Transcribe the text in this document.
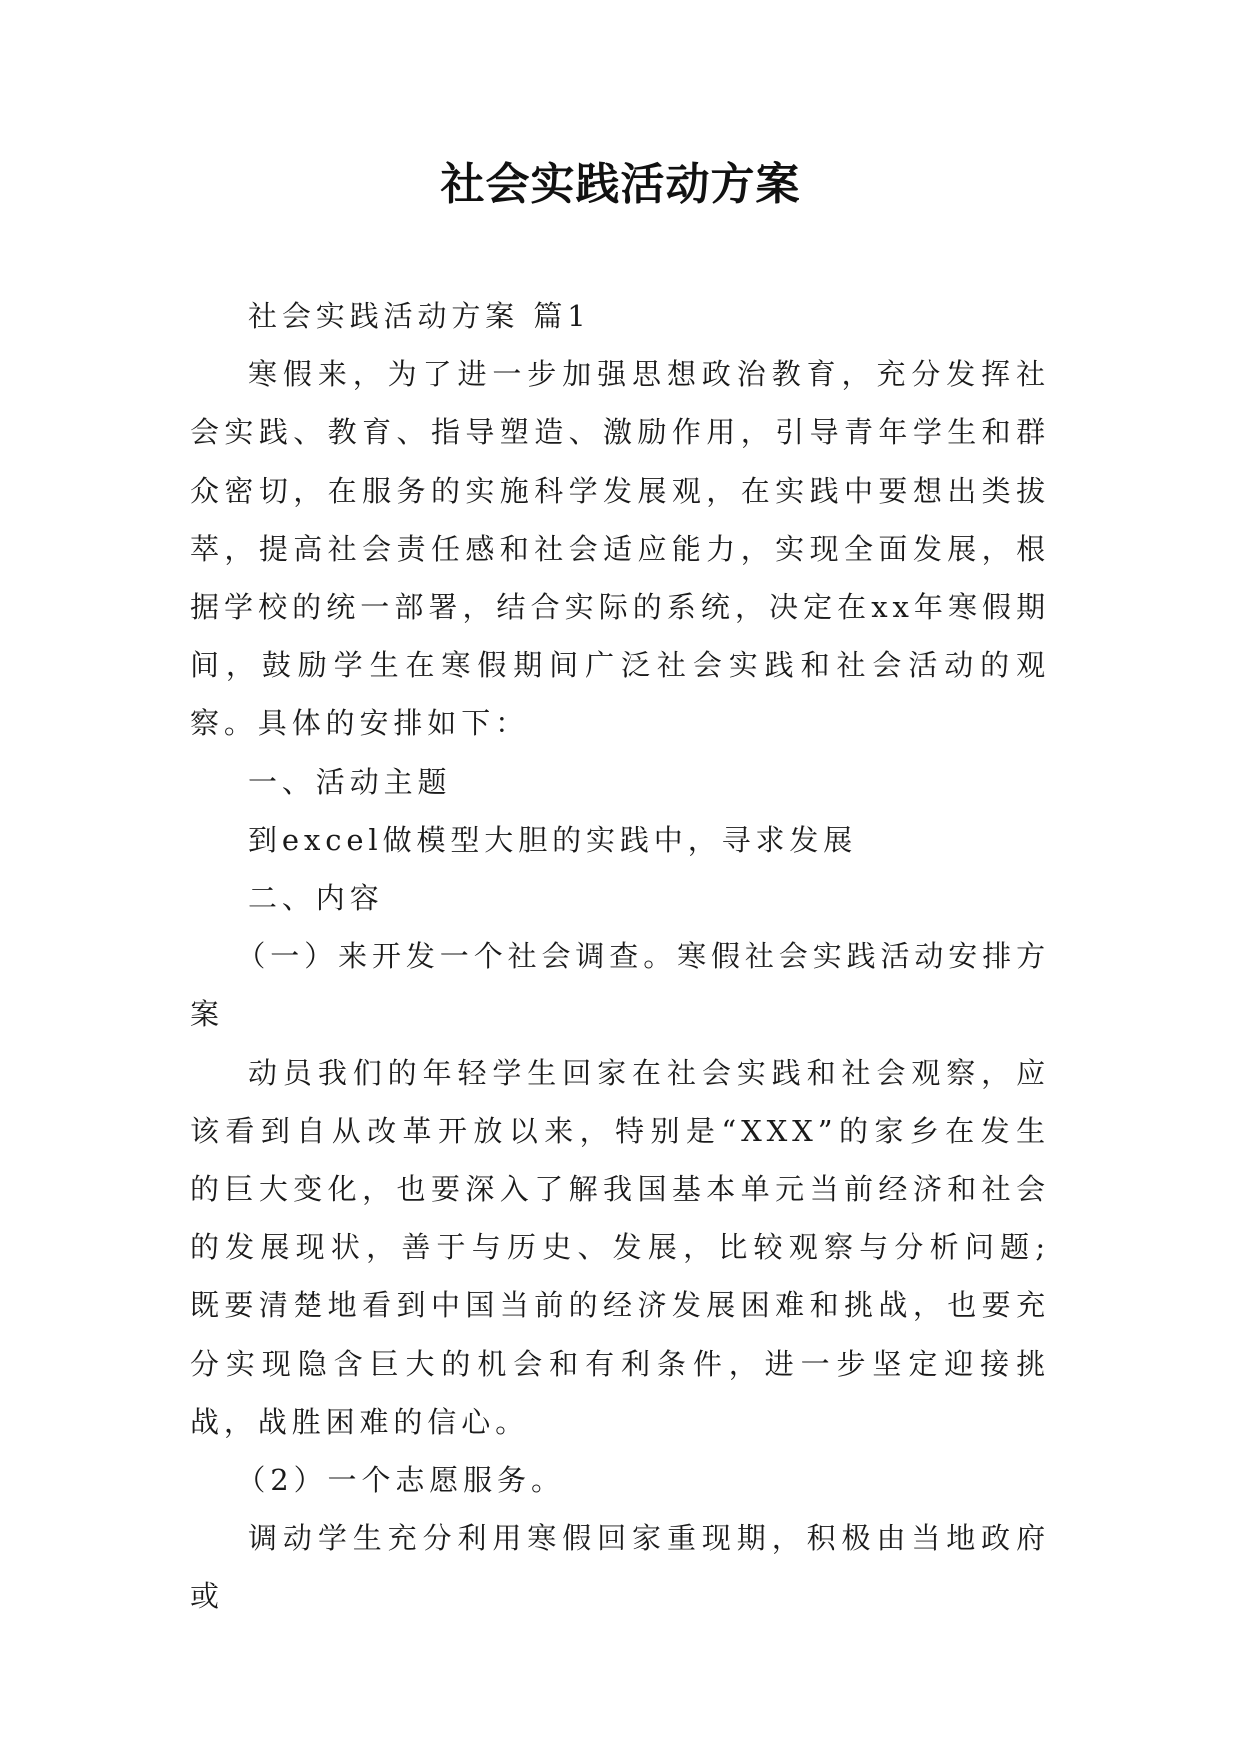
社会实践活动方案

社会实践活动方案 篇1

寒假来，为了进一步加强思想政治教育，充分发挥社会实践、教育、指导塑造、激励作用，引导青年学生和群众密切，在服务的实施科学发展观，在实践中要想出类拔萃，提高社会责任感和社会适应能力，实现全面发展，根据学校的统一部署，结合实际的系统，决定在xx年寒假期间，鼓励学生在寒假期间广泛社会实践和社会活动的观察。具体的安排如下：

一、活动主题

到excel做模型大胆的实践中，寻求发展

二、内容

（一）来开发一个社会调查。寒假社会实践活动安排方案

动员我们的年轻学生回家在社会实践和社会观察，应该看到自从改革开放以来，特别是“XXX”的家乡在发生的巨大变化，也要深入了解我国基本单元当前经济和社会的发展现状，善于与历史、发展，比较观察与分析问题;既要清楚地看到中国当前的经济发展困难和挑战，也要充分实现隐含巨大的机会和有利条件，进一步坚定迎接挑战，战胜困难的信心。

（2）一个志愿服务。

调动学生充分利用寒假回家重现期，积极由当地政府或
